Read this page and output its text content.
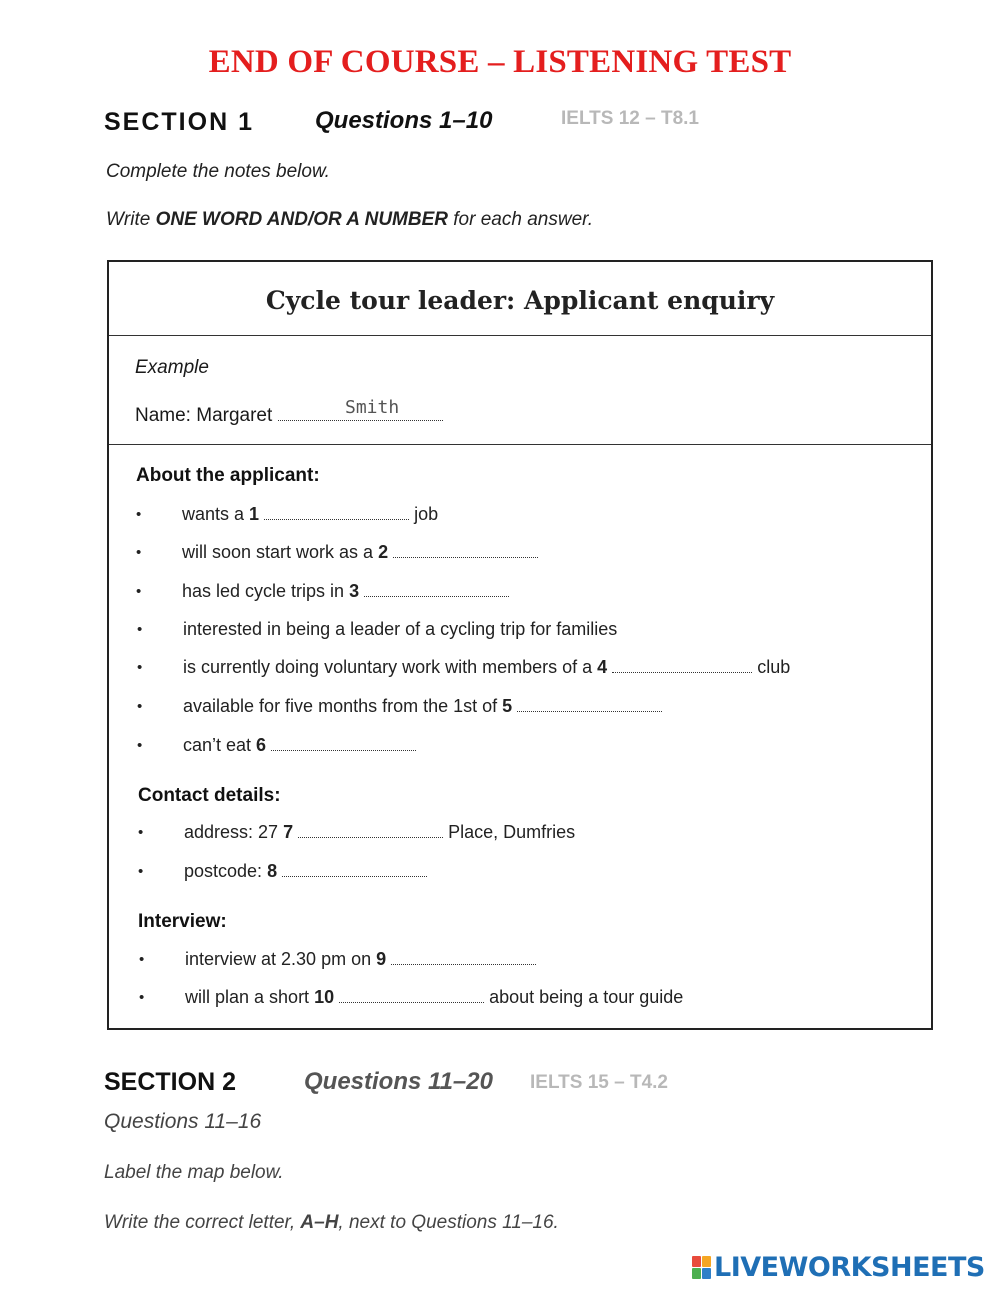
END OF COURSE – LISTENING TEST
SECTION 1	Questions 1–10	IELTS 12 – T8.1
Complete the notes below.
Write ONE WORD AND/OR A NUMBER for each answer.
Cycle tour leader: Applicant enquiry
Example
Name: Margaret	Smith
About the applicant:
Contact details:
Interview:
• wants a 1	job
• will soon start work as a 2
• has led cycle trips in 3
• interested in being a leader of a cycling trip for families
• is currently doing voluntary work with members of a 4	club
• available for five months from the 1st of 5
• can’t eat 6
• address: 27 7	Place, Dumfries
• postcode: 8
• interview at 2.30 pm on 9
• will plan a short 10	about being a tour guide
SECTION 2	Questions 11–20 IELTS 15 – T4.2
Questions 11–16
Label the map below.
Write the correct letter, A–H, next to Questions 11–16.
LIVEWORKSHEETS
